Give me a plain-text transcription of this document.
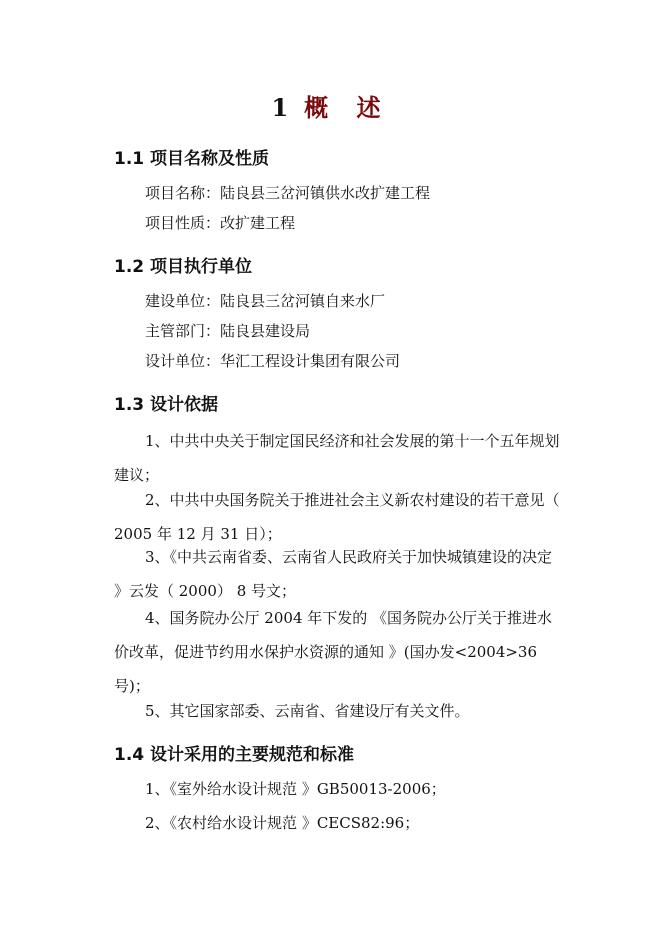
1 概 述
1.1 项目名称及性质
项目名称：陆良县三岔河镇供水改扩建工程
项目性质：改扩建工程
1.2 项目执行单位
建设单位：陆良县三岔河镇自来水厂
主管部门：陆良县建设局
设计单位：华汇工程设计集团有限公司
1.3 设计依据
1、中共中央关于制定国民经济和社会发展的第十一个五年规划建议；
2、中共中央国务院关于推进社会主义新农村建设的若干意见（ 2005 年 12 月 31 日）；
3、《中共云南省委、云南省人民政府关于加快城镇建设的决定 》云发（ 2000） 8 号文；
4、国务院办公厅 2004 年下发的 《国务院办公厅关于推进水价改革，促进节约用水保护水资源的通知 》(国办发<2004>36 号)；
5、其它国家部委、云南省、省建设厅有关文件。
1.4 设计采用的主要规范和标准
1、《室外给水设计规范 》GB50013-2006；
2、《农村给水设计规范 》CECS82:96；
